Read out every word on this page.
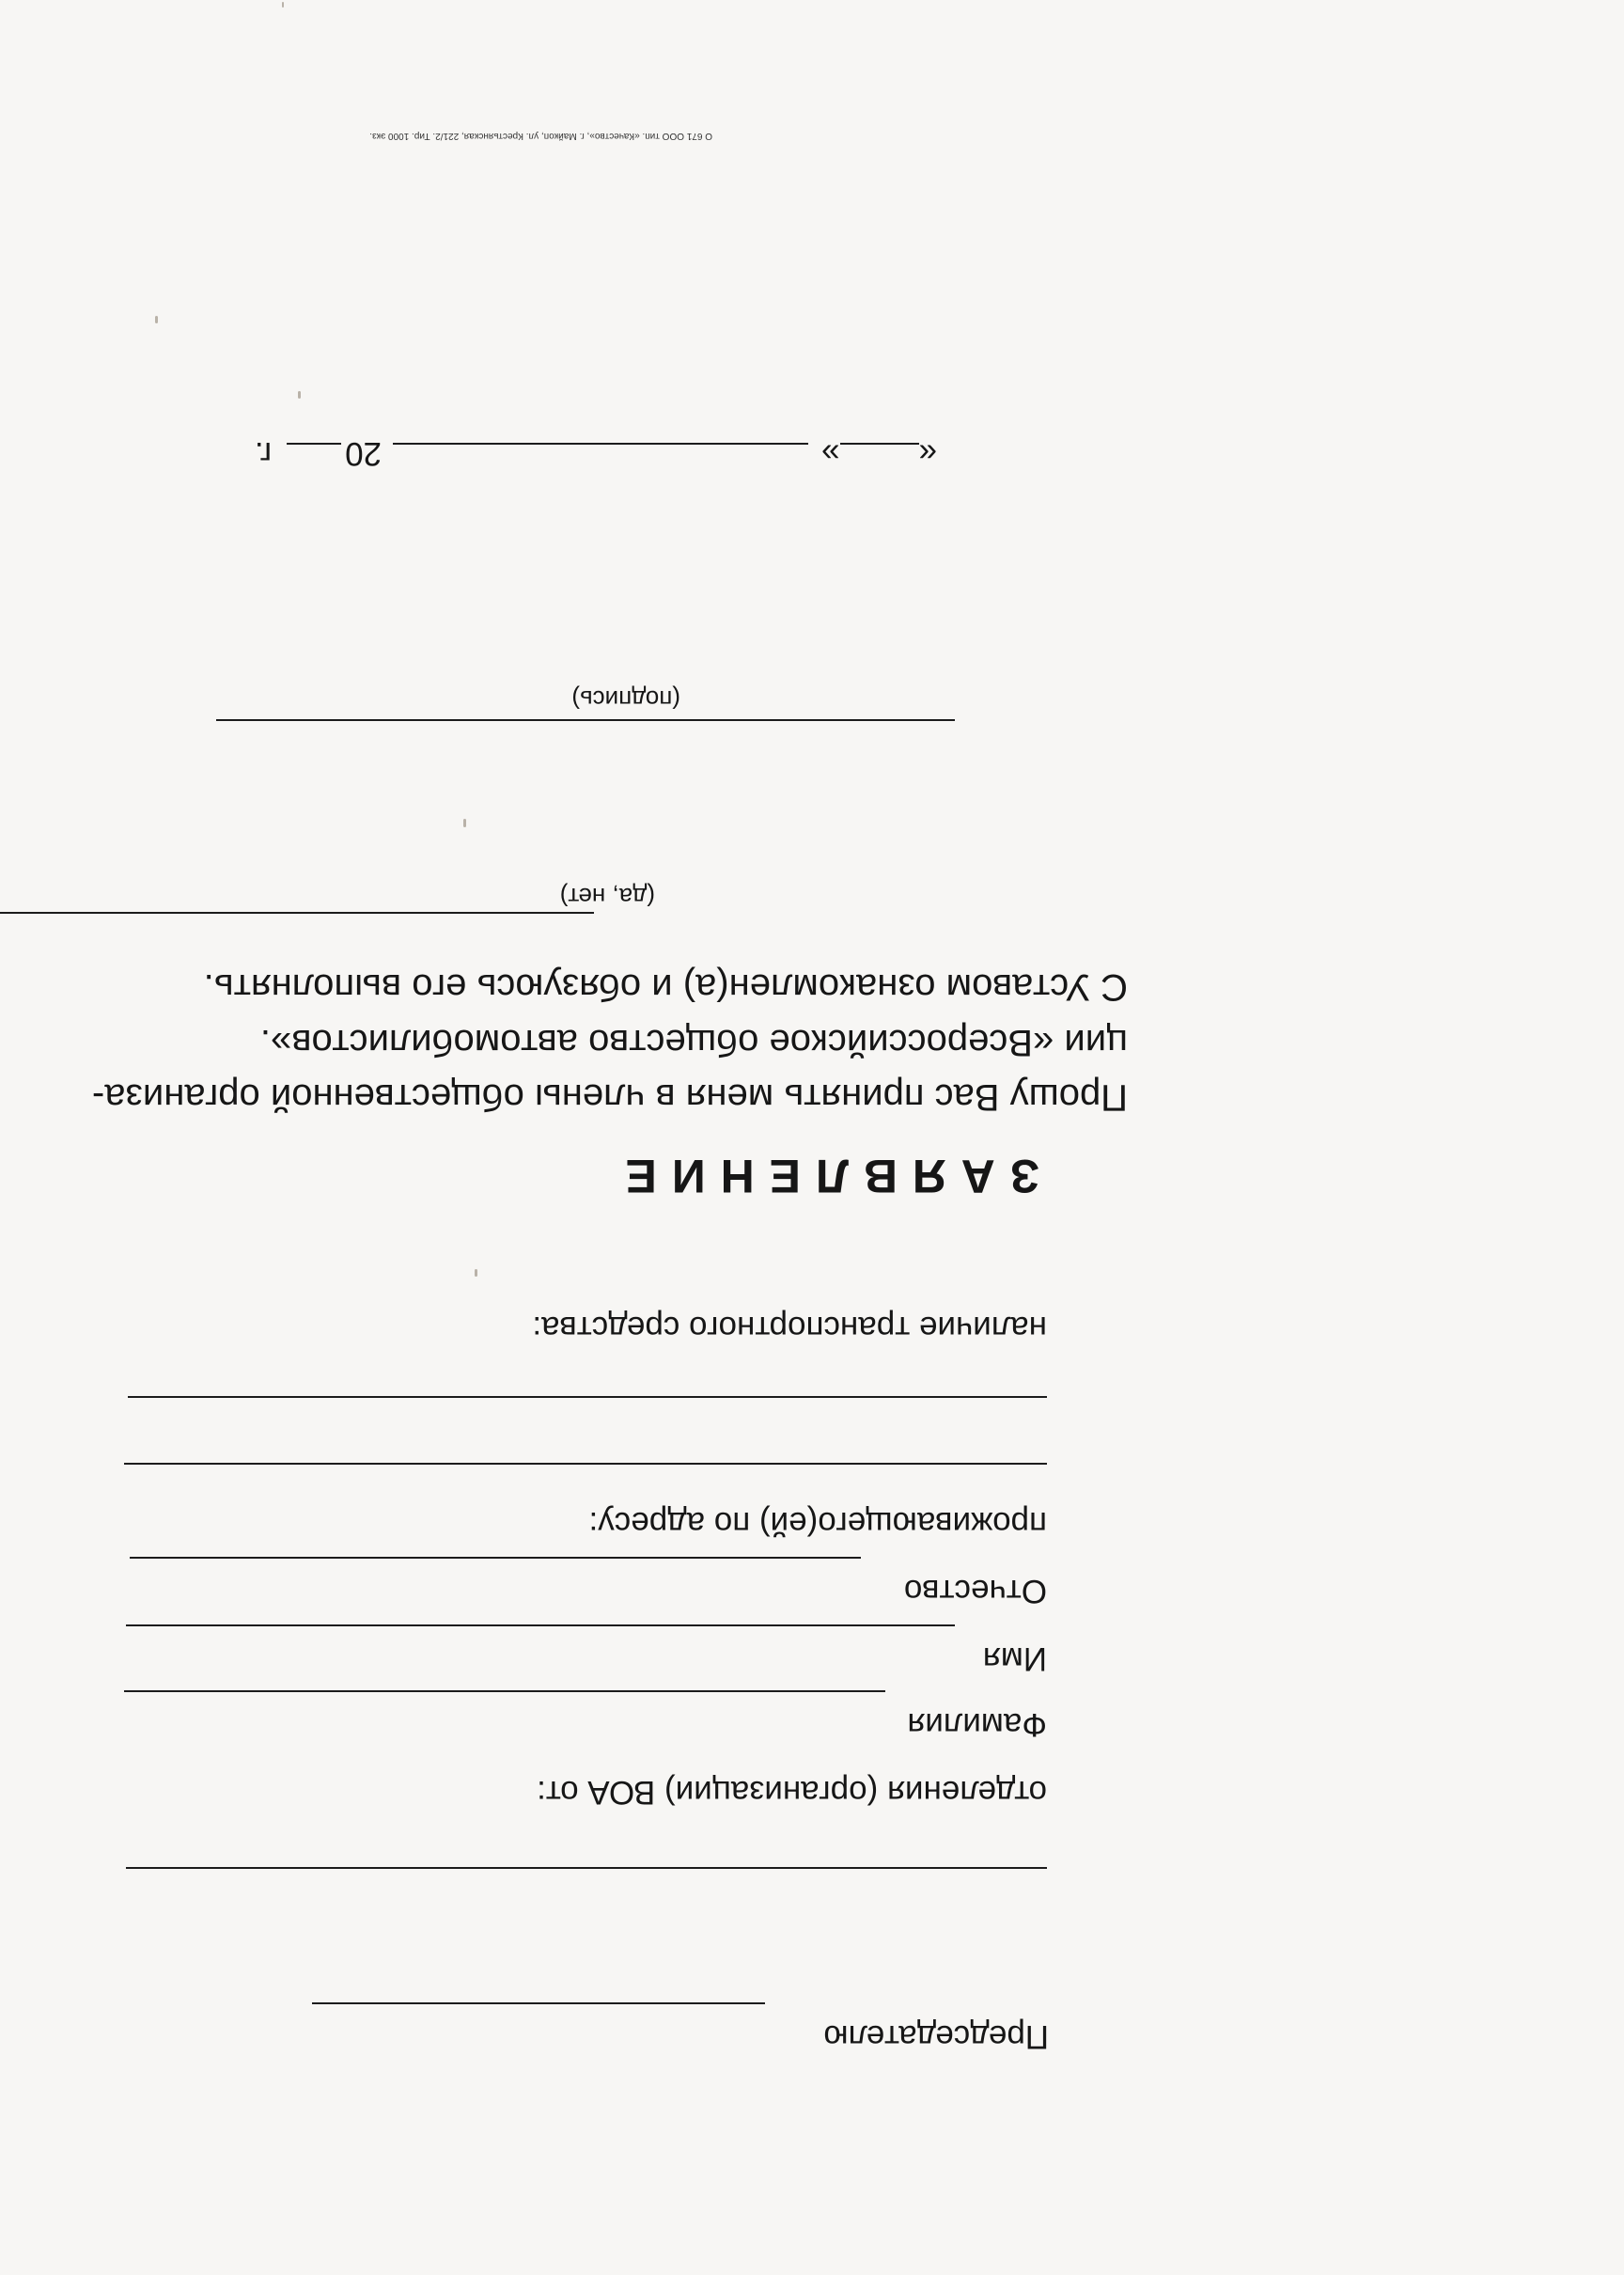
Председателю
отделения (организации) ВОА от:
Фамилия
Имя
Отчество
проживающего(ей) по адресу:
наличие транспортного средства:
(да, нет)
З А Я В Л Е Н И Е
Прошу Вас принять меня в члены общественной организа-
ции «Всероссийское общество автомобилистов».
С Уставом ознакомлен(а) и обязуюсь его выполнять.
(подпись)
«»20г.
О 671 ООО тип. «Качество», г. Майкоп, ул. Крестьянская, 221/2. Тир. 1000 экз.
